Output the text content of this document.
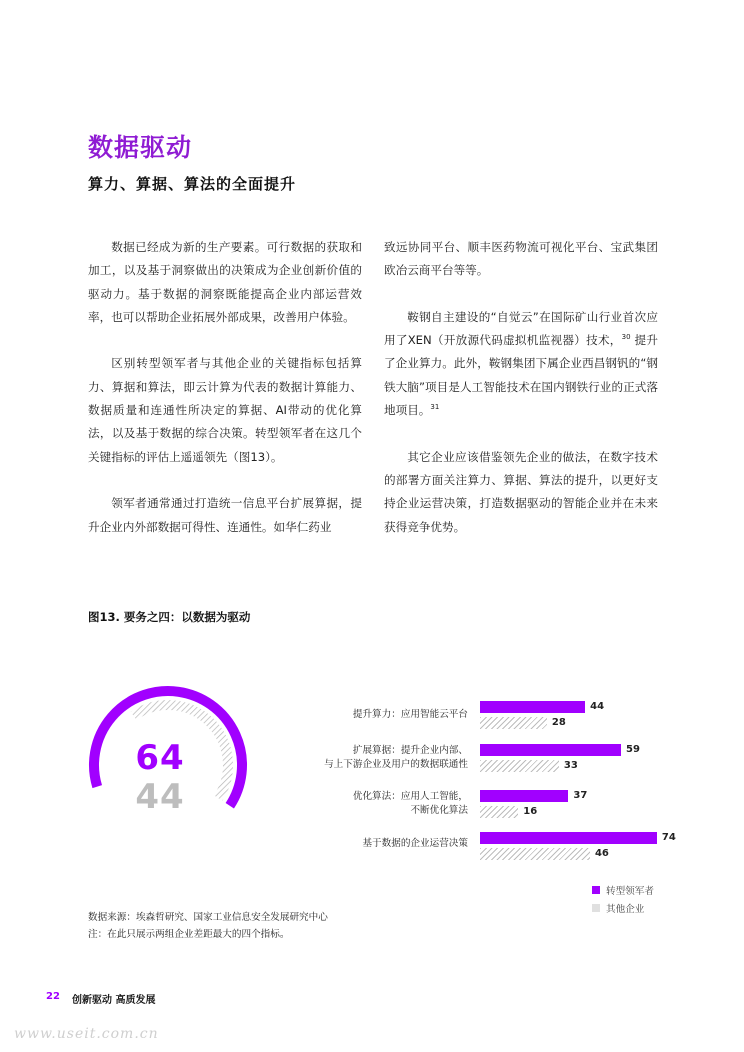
数据驱动
算力、算据、算法的全面提升

数据已经成为新的生产要素。可行数据的获取和加工，以及基于洞察做出的决策成为企业创新价值的驱动力。基于数据的洞察既能提高企业内部运营效率，也可以帮助企业拓展外部成果，改善用户体验。

区别转型领军者与其他企业的关键指标包括算力、算据和算法，即云计算为代表的数据计算能力、数据质量和连通性所决定的算据、AI带动的优化算法，以及基于数据的综合决策。转型领军者在这几个关键指标的评估上遥遥领先（图13）。

领军者通常通过打造统一信息平台扩展算据，提升企业内外部数据可得性、连通性。如华仁药业

致远协同平台、顺丰医药物流可视化平台、宝武集团欧冶云商平台等等。

鞍钢自主建设的“自觉云”在国际矿山行业首次应用了XEN（开放源代码虚拟机监视器）技术，$^{30}$ 提升了企业算力。此外，鞍钢集团下属企业西昌钢钒的“钢铁大脑”项目是人工智能技术在国内钢铁行业的正式落地项目。$^{31}$

其它企业应该借鉴领先企业的做法，在数字技术的部署方面关注算力、算据、算法的提升，以更好支持企业运营决策，打造数据驱动的智能企业并在未来获得竞争优势。

图13. 要务之四：以数据为驱动
64
44
提升算力：应用智能云平台
扩展算据：提升企业内部、
与上下游企业及用户的数据联通性
优化算法：应用人工智能，
不断优化算法
基于数据的企业运营决策
44
28
59
33
37
16
74
46
转型领军者
其他企业
数据来源：埃森哲研究、国家工业信息安全发展研究中心
注：在此只展示两组企业差距最大的四个指标。
22 创新驱动 高质发展
www.useit.com.cn
